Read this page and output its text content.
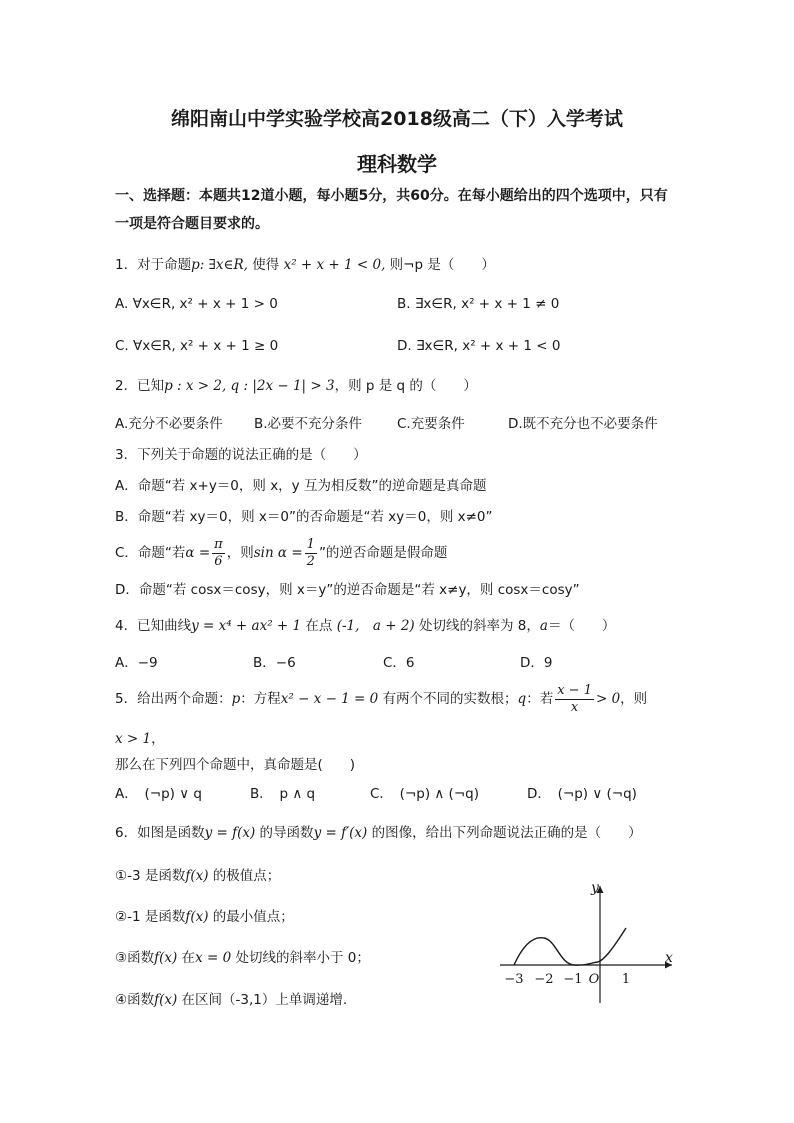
绵阳南山中学实验学校高2018级高二（下）入学考试
理科数学
一、选择题：本题共12道小题，每小题5分，共60分。在每小题给出的四个选项中，只有
一项是符合题目要求的。
1．对于命题p: ∃x∈R, 使得 x² + x + 1 < 0, 则¬p 是（　　）
A. ∀x∈R, x² + x + 1 > 0	B. ∃x∈R, x² + x + 1 ≠ 0
C. ∀x∈R, x² + x + 1 ≥ 0	D. ∃x∈R, x² + x + 1 < 0
2．已知p : x > 2, q : |2x − 1| > 3，则 p 是 q 的（　　）
A.充分不必要条件 B.必要不充分条件	C.充要条件	D.既不充分也不必要条件
3．下列关于命题的说法正确的是（　　）
A．命题“若 x+y＝0，则 x，y 互为相反数”的逆命题是真命题
B．命题“若 xy＝0，则 x＝0”的否命题是“若 xy＝0，则 x≠0”
C．命题“若$\alpha = \frac{\pi}{6}$ ，则$\sin \alpha = \frac{1}{2}$ ”的逆否命题是假命题
D．命题“若 cosx＝cosy，则 x＝y”的逆否命题是“若 x≠y，则 cosx＝cosy”
4．已知曲线y = x⁴ + ax² + 1 在点 (-1,　a + 2) 处切线的斜率为 8，a＝（　　）
A．−9	B．−6	C．6	D．9
5．给出两个命题：p：方程x² − x − 1 = 0 有两个不同的实数根；q：若 $\frac{x - 1}{x} > 0$，则
x > 1，
那么在下列四个命题中，真命题是(　　)
A．　(¬p) ∨ q	B．　p ∧ q	C．　(¬p) ∧ (¬q)	D．　(¬p) ∨ (¬q)
6．如图是函数y = f(x) 的导函数y = f′(x) 的图像，给出下列命题说法正确的是（　　）
①-3 是函数f(x) 的极值点；
②-1 是函数f(x) 的最小值点；
③函数f(x) 在x = 0 处切线的斜率小于 0；
④函数f(x) 在区间（-3,1）上单调递增.
x
y
−3 −2 −1 O 1
